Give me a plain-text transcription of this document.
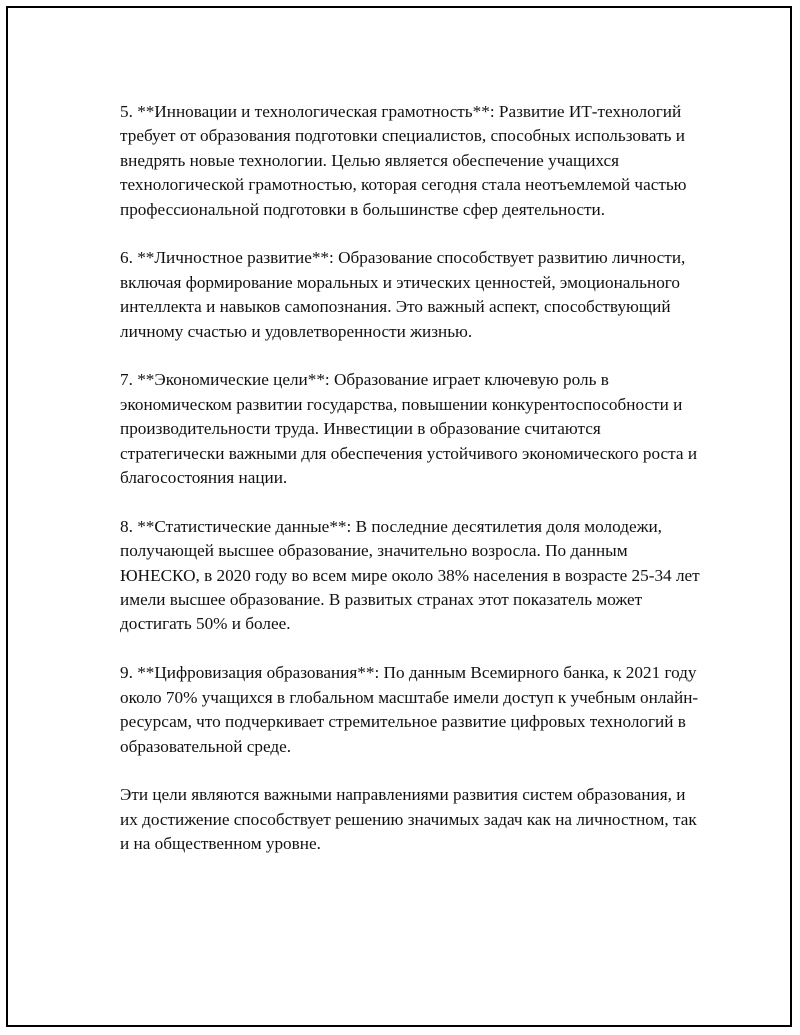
5. **Инновации и технологическая грамотность**: Развитие ИТ-технологий требует от образования подготовки специалистов, способных использовать и внедрять новые технологии. Целью является обеспечение учащихся технологической грамотностью, которая сегодня стала неотъемлемой частью профессиональной подготовки в большинстве сфер деятельности.

6. **Личностное развитие**: Образование способствует развитию личности, включая формирование моральных и этических ценностей, эмоционального интеллекта и навыков самопознания. Это важный аспект, способствующий личному счастью и удовлетворенности жизнью.

7. **Экономические цели**: Образование играет ключевую роль в экономическом развитии государства, повышении конкурентоспособности и производительности труда. Инвестиции в образование считаются стратегически важными для обеспечения устойчивого экономического роста и благосостояния нации.

8. **Статистические данные**: В последние десятилетия доля молодежи, получающей высшее образование, значительно возросла. По данным ЮНЕСКО, в 2020 году во всем мире около 38% населения в возрасте 25-34 лет имели высшее образование. В развитых странах этот показатель может достигать 50% и более.

9. **Цифровизация образования**: По данным Всемирного банка, к 2021 году около 70% учащихся в глобальном масштабе имели доступ к учебным онлайн-ресурсам, что подчеркивает стремительное развитие цифровых технологий в образовательной среде.

Эти цели являются важными направлениями развития систем образования, и их достижение способствует решению значимых задач как на личностном, так и на общественном уровне.
